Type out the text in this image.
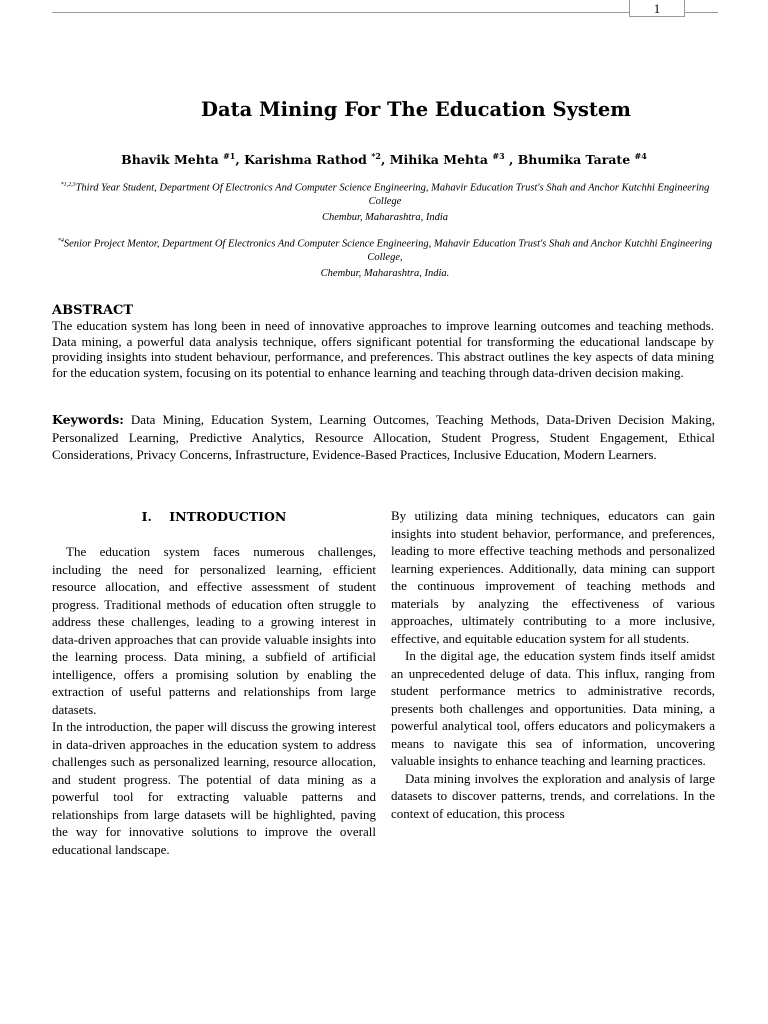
1
Data Mining For The Education System
Bhavik Mehta $^{\#1}$, Karishma Rathod $^{*2}$, Mihika Mehta $^{\#3}$ , Bhumika Tarate $^{\#4}$
$^{*1,2,3}$Third Year Student, Department Of Electronics And Computer Science Engineering, Mahavir Education Trust's Shah and Anchor Kutchhi Engineering College
Chembur, Maharashtra, India
$^{*4}$Senior Project Mentor, Department Of Electronics And Computer Science Engineering, Mahavir Education Trust's Shah and Anchor Kutchhi Engineering College,
Chembur, Maharashtra, India.
ABSTRACT
The education system has long been in need of innovative approaches to improve learning outcomes and teaching methods. Data mining, a powerful data analysis technique, offers significant potential for transforming the educational landscape by providing insights into student behaviour, performance, and preferences. This abstract outlines the key aspects of data mining for the education system, focusing on its potential to enhance learning and teaching through data-driven decision making.
Keywords: Data Mining, Education System, Learning Outcomes, Teaching Methods, Data-Driven Decision Making, Personalized Learning, Predictive Analytics, Resource Allocation, Student Progress, Student Engagement, Ethical Considerations, Privacy Concerns, Infrastructure, Evidence-Based Practices, Inclusive Education, Modern Learners.
I. INTRODUCTION

The education system faces numerous challenges, including the need for personalized learning, efficient resource allocation, and effective assessment of student progress. Traditional methods of education often struggle to address these challenges, leading to a growing interest in data-driven approaches that can provide valuable insights into the learning process. Data mining, a subfield of artificial intelligence, offers a promising solution by enabling the extraction of useful patterns and relationships from large datasets.

In the introduction, the paper will discuss the growing interest in data-driven approaches in the education system to address challenges such as personalized learning, resource allocation, and student progress. The potential of data mining as a powerful tool for extracting valuable patterns and relationships from large datasets will be highlighted, paving the way for innovative solutions to improve the overall educational landscape.

By utilizing data mining techniques, educators can gain insights into student behavior, performance, and preferences, leading to more effective teaching methods and personalized learning experiences. Additionally, data mining can support the continuous improvement of teaching methods and materials by analyzing the effectiveness of various approaches, ultimately contributing to a more inclusive, effective, and equitable education system for all students.

In the digital age, the education system finds itself amidst an unprecedented deluge of data. This influx, ranging from student performance metrics to administrative records, presents both challenges and opportunities. Data mining, a powerful analytical tool, offers educators and policymakers a means to navigate this sea of information, uncovering valuable insights to enhance teaching and learning practices.

Data mining involves the exploration and analysis of large datasets to discover patterns, trends, and correlations. In the context of education, this process
